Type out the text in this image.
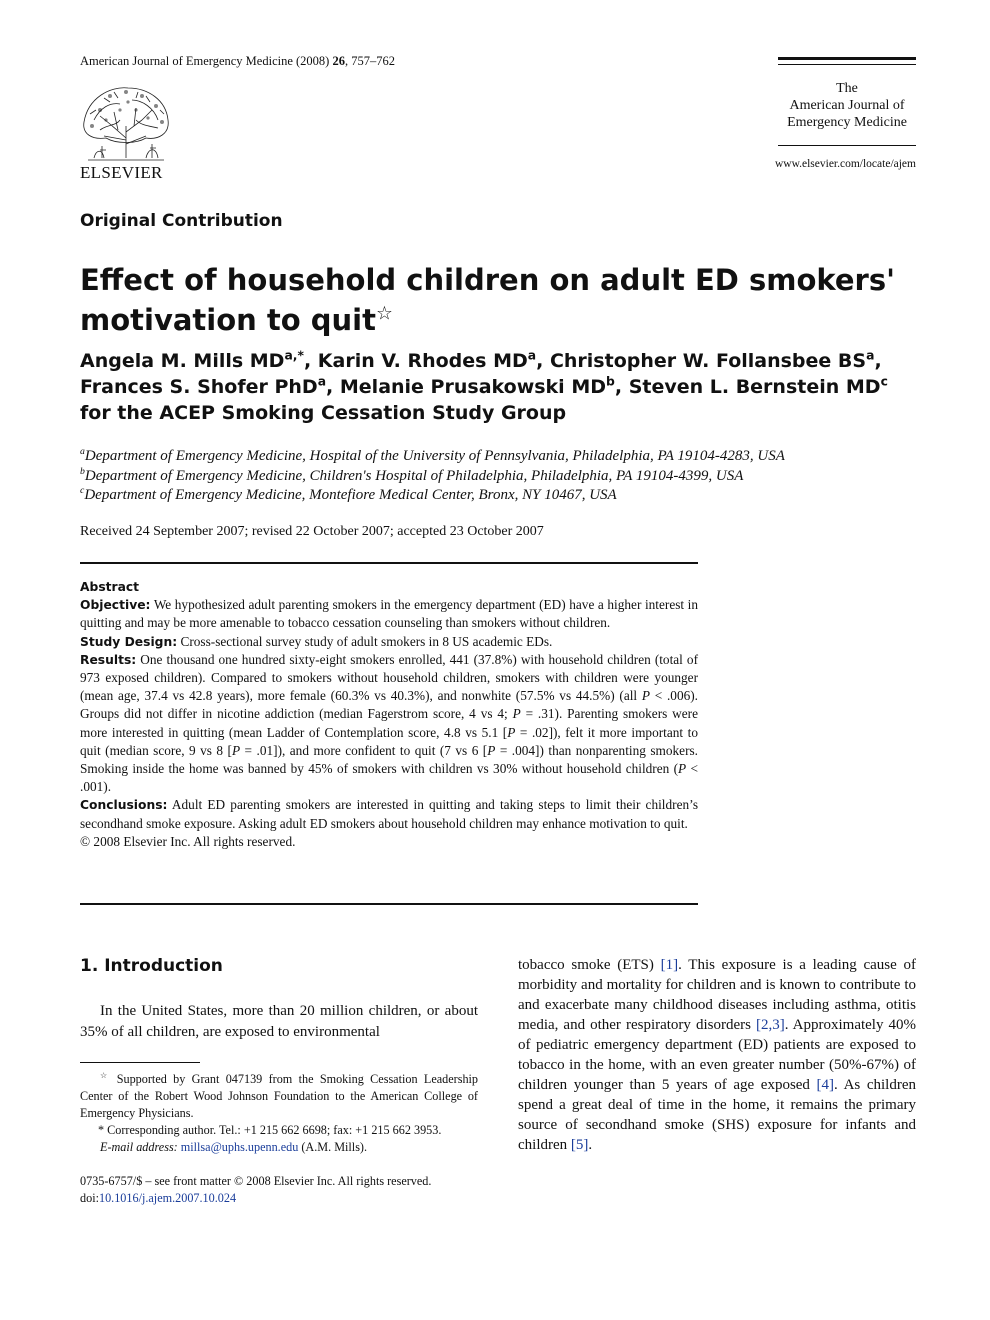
American Journal of Emergency Medicine (2008) 26, 757–762
ELSEVIER
The
American Journal of
Emergency Medicine
www.elsevier.com/locate/ajem
Original Contribution
Effect of household children on adult ED smokers'
motivation to quit☆
Angela M. Mills $MD^{a,*}$, Karin V. Rhodes $MD^a$, Christopher W. Follansbee $BS^a$,
Frances S. Shofer PhD$^a$, Melanie Prusakowski $MD^b$, Steven L. Bernstein $MD^c$
for the ACEP Smoking Cessation Study Group
$^a$Department of Emergency Medicine, Hospital of the University of Pennsylvania, Philadelphia, PA 19104-4283, USA
$^b$Department of Emergency Medicine, Children's Hospital of Philadelphia, Philadelphia, PA 19104-4399, USA
$^c$Department of Emergency Medicine, Montefiore Medical Center, Bronx, NY 10467, USA
Received 24 September 2007; revised 22 October 2007; accepted 23 October 2007

Abstract

Objective: We hypothesized adult parenting smokers in the emergency department (ED) have a higher interest in quitting and may be more amenable to tobacco cessation counseling than smokers without children.

Study Design: Cross-sectional survey study of adult smokers in 8 US academic EDs.

Results: One thousand one hundred sixty-eight smokers enrolled, 441 (37.8%) with household children (total of 973 exposed children). Compared to smokers without household children, smokers with children were younger (mean age, 37.4 vs 42.8 years), more female (60.3% vs 40.3%), and nonwhite (57.5% vs 44.5%) (all P < .006). Groups did not differ in nicotine addiction (median Fagerstrom score, 4 vs 4; P = .31). Parenting smokers were more interested in quitting (mean Ladder of Contemplation score, 4.8 vs 5.1 [P = .02]), felt it more important to quit (median score, 9 vs 8 [P = .01]), and more confident to quit (7 vs 6 [P = .004]) than nonparenting smokers. Smoking inside the home was banned by 45% of smokers with children vs 30% without household children (P < .001).

Conclusions: Adult ED parenting smokers are interested in quitting and taking steps to limit their children’s secondhand smoke exposure. Asking adult ED smokers about household children may enhance motivation to quit.

© 2008 Elsevier Inc. All rights reserved.

1. Introduction
In the United States, more than 20 million children, or about 35% of all children, are exposed to environmental

☆ Supported by Grant 047139 from the Smoking Cessation Leadership Center of the Robert Wood Johnson Foundation to the American College of Emergency Physicians.

* Corresponding author. Tel.: +1 215 662 6698; fax: +1 215 662 3953.

E-mail address: millsa@uphs.upenn.edu (A.M. Mills).

0735-6757/$ – see front matter © 2008 Elsevier Inc. All rights reserved.

doi:10.1016/j.ajem.2007.10.024

tobacco smoke (ETS) [1]. This exposure is a leading cause of morbidity and mortality for children and is known to contribute to and exacerbate many childhood diseases including asthma, otitis media, and other respiratory disorders [2,3]. Approximately 40% of pediatric emergency department (ED) patients are exposed to tobacco in the home, with an even greater number (50%-67%) of children younger than 5 years of age exposed [4]. As children spend a great deal of time in the home, it remains the primary source of secondhand smoke (SHS) exposure for infants and children [5].
